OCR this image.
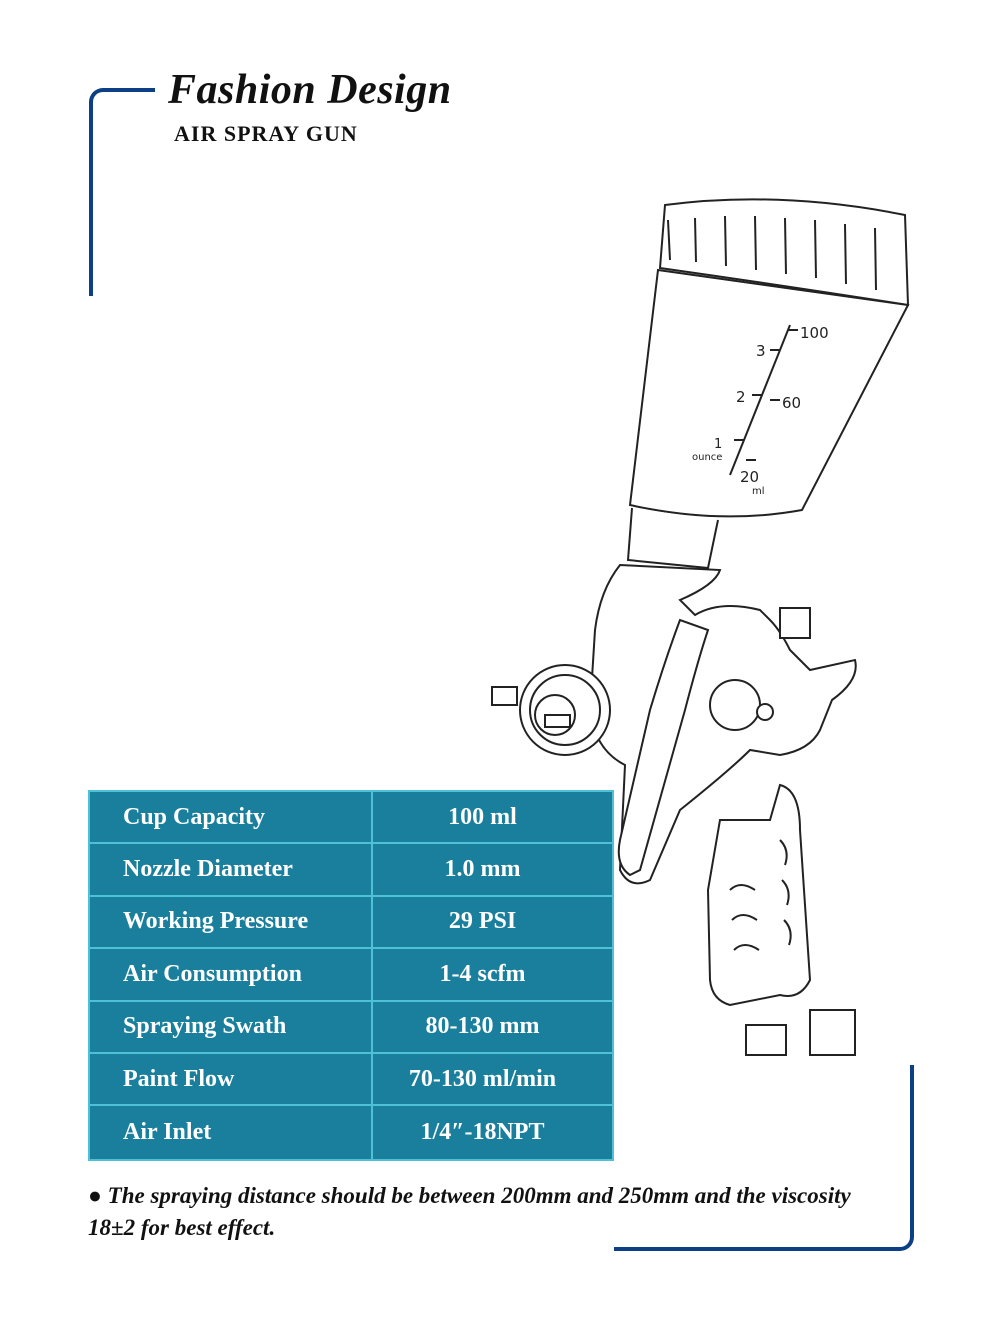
Fashion Design
AIR SPRAY GUN
3
2
1
ounce
100
60
20
ml
Cup Capacity	100 ml
Nozzle Diameter	1.0 mm
Working Pressure	29 PSI
Air Consumption	1-4 scfm
Spraying Swath	80-130 mm
Paint Flow	70-130 ml/min
Air Inlet	1/4″-18NPT

● The spraying distance should be between 200mm and 250mm and the viscosity 18±2 for best effect.
